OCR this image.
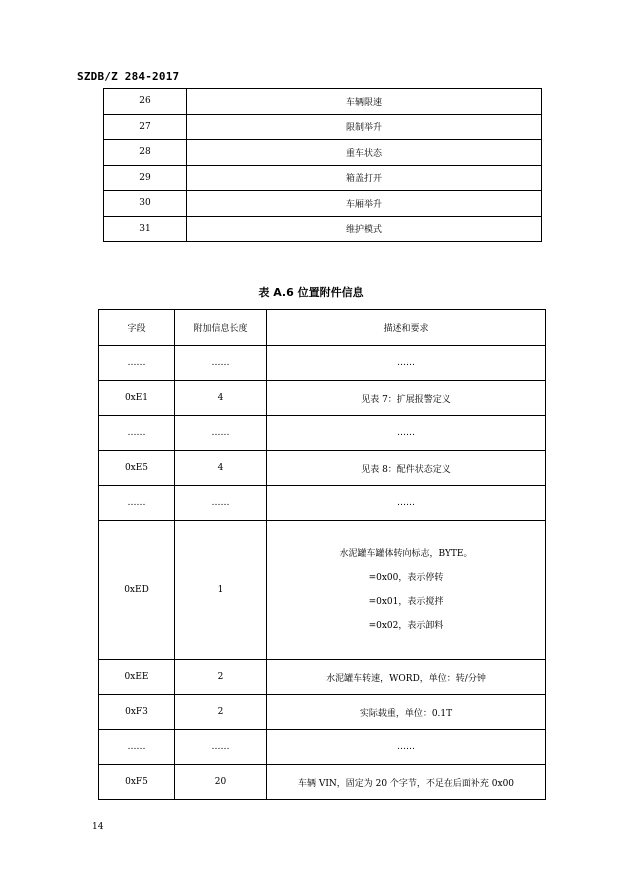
SZDB/Z 284-2017
26	车辆限速
27	限制举升
28	重车状态
29	箱盖打开
30	车厢举升
31	维护模式
表 A.6 位置附件信息
字段	附加信息长度	描述和要求
……	……	……
0xE1	4	见表 7：扩展报警定义
……	……	……
0xE5	4	见表 8：配件状态定义
……	……	……
0xED	1	水泥罐车罐体转向标志，BYTE。
=0x00，表示停转
=0x01，表示搅拌
=0x02，表示卸料

0xEE	2	水泥罐车转速，WORD，单位：转/分钟
0xF3	2	实际载重，单位：0.1T
……	……	……
0xF5	20	车辆 VIN，固定为 20 个字节，不足在后面补充 0x00
14
